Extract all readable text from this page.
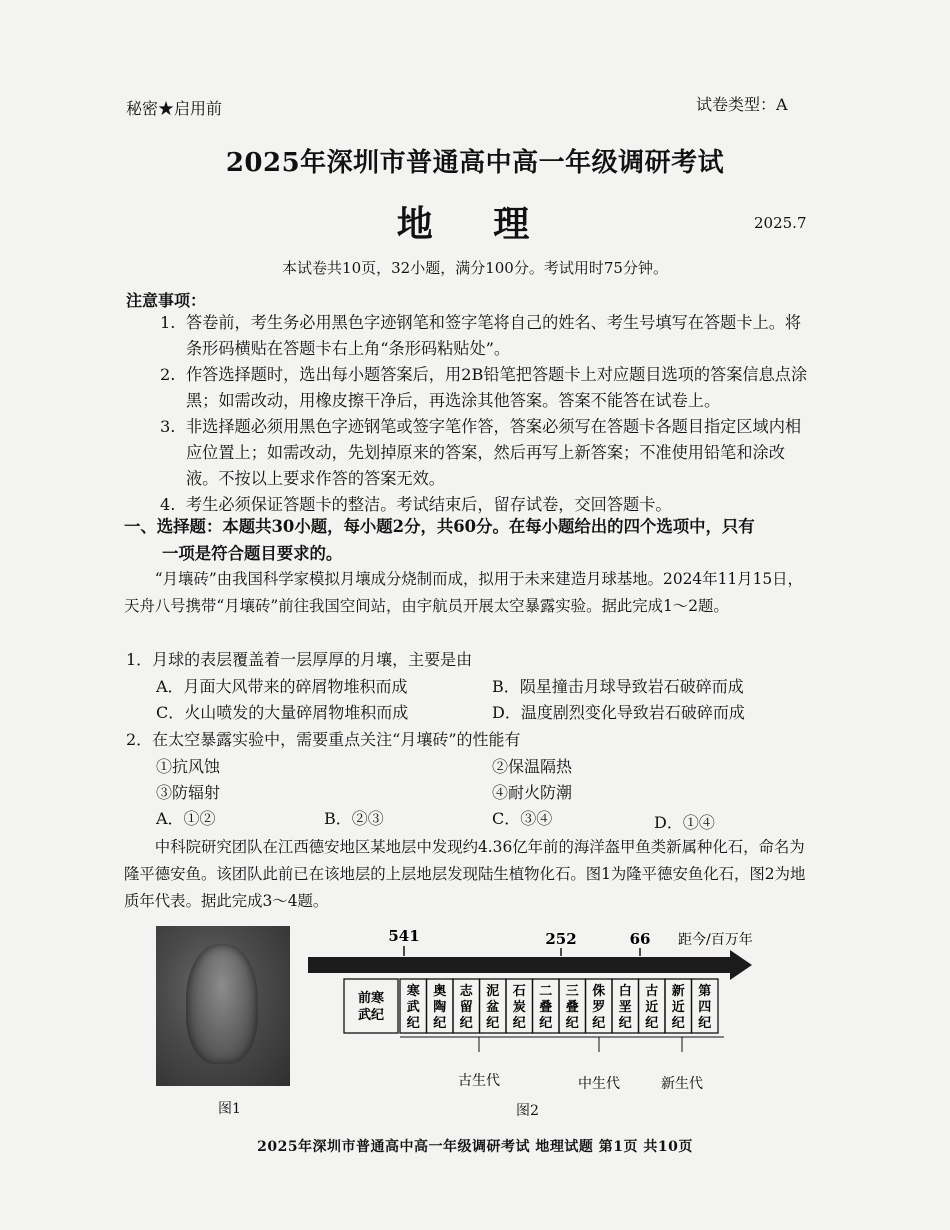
秘密★启用前	试卷类型：A
2025年深圳市普通高中高一年级调研考试
地 理	2025.7
本试卷共10页，32小题，满分100分。考试用时75分钟。
注意事项：
1. 答卷前，考生务必用黑色字迹钢笔和签字笔将自己的姓名、考生号填写在答题卡上。将条形码横贴在答题卡右上角“条形码粘贴处”。
2. 作答选择题时，选出每小题答案后，用2B铅笔把答题卡上对应题目选项的答案信息点涂黑；如需改动，用橡皮擦干净后，再选涂其他答案。答案不能答在试卷上。
3. 非选择题必须用黑色字迹钢笔或签字笔作答，答案必须写在答题卡各题目指定区域内相应位置上；如需改动，先划掉原来的答案，然后再写上新答案；不准使用铅笔和涂改液。不按以上要求作答的答案无效。
4. 考生必须保证答题卡的整洁。考试结束后，留存试卷，交回答题卡。
一、选择题：本题共30小题，每小题2分，共60分。在每小题给出的四个选项中，只有
一项是符合题目要求的。
“月壤砖”由我国科学家模拟月壤成分烧制而成，拟用于未来建造月球基地。2024年11月15日，天舟八号携带“月壤砖”前往我国空间站，由宇航员开展太空暴露实验。据此完成1～2题。
1．月球的表层覆盖着一层厚厚的月壤，主要是由
A．月面大风带来的碎屑物堆积而成	B．陨星撞击月球导致岩石破碎而成
C．火山喷发的大量碎屑物堆积而成	D．温度剧烈变化导致岩石破碎而成
2．在太空暴露实验中，需要重点关注“月壤砖”的性能有
①抗风蚀	②保温隔热
③防辐射	④耐火防潮
A．①②	B．②③	C．③④	D．①④
中科院研究团队在江西德安地区某地层中发现约4.36亿年前的海洋盔甲鱼类新属种化石，命名为隆平德安鱼。该团队此前已在该地层的上层地层发现陆生植物化石。图1为隆平德安鱼化石，图2为地质年代表。据此完成3～4题。
图1
541	252	66 距今/百万年
前寒武纪
寒武纪
奥陶纪
志留纪
泥盆纪
石炭纪
二叠纪
三叠纪
侏罗纪
白垩纪
古近纪
新近纪
第四纪
古生代	中生代	新生代
图2
2025年深圳市普通高中高一年级调研考试 地理试题 第1页 共10页
